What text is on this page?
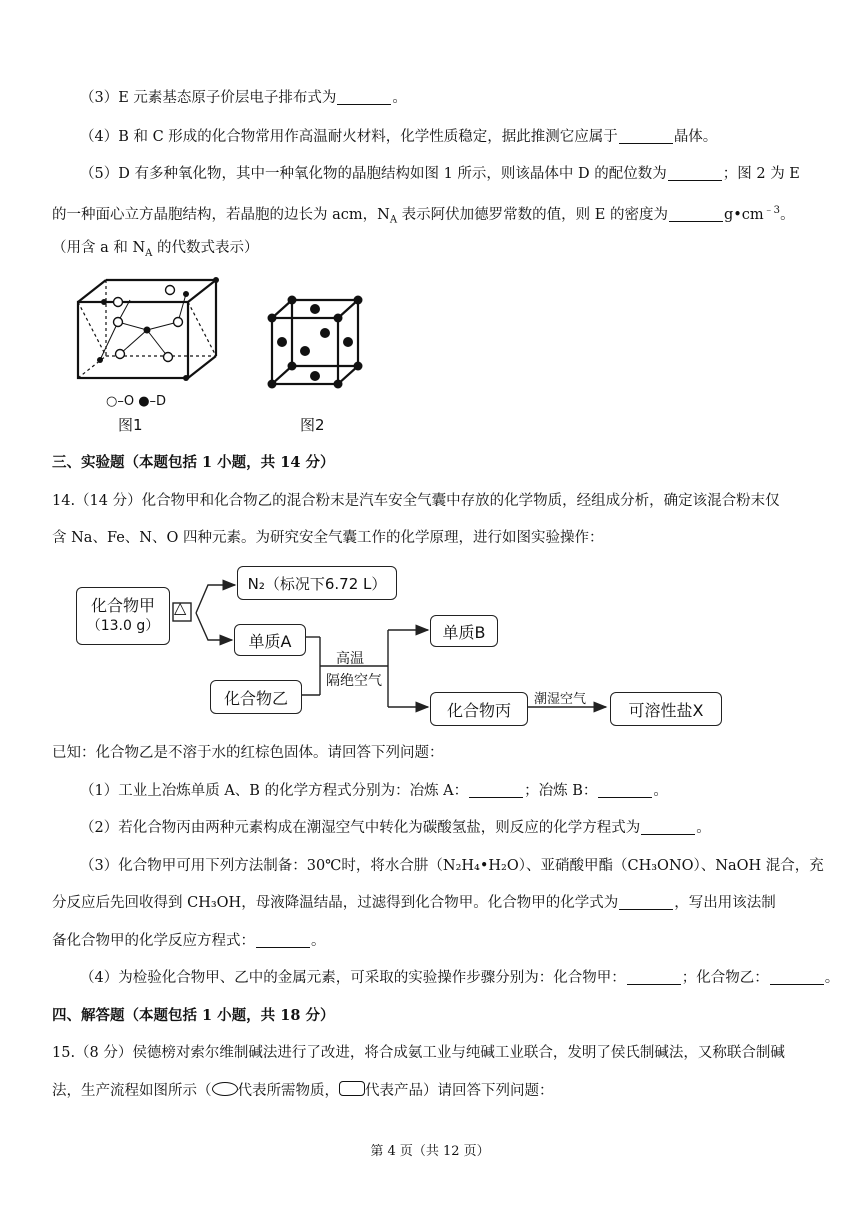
（3）E 元素基态原子价层电子排布式为	。
（4）B 和 C 形成的化合物常用作高温耐火材料，化学性质稳定，据此推测它应属于	晶体。
（5）D 有多种氧化物，其中一种氧化物的晶胞结构如图 1 所示，则该晶体中 D 的配位数为	；图 2 为 E
的一种面心立方晶胞结构，若晶胞的边长为 acm，$N_A$ 表示阿伏加德罗常数的值，则 E 的密度为	$g•cm^{﹣3}$。
（用含 a 和 $N_A$ 的代数式表示）
○–O ●–D
图1	图2
三、实验题（本题包括 1 小题，共 14 分）
14.（14 分）化合物甲和化合物乙的混合粉末是汽车安全气囊中存放的化学物质，经组成分析，确定该混合粉末仅
含 Na、Fe、N、O 四种元素。为研究安全气囊工作的化学原理，进行如图实验操作：
化合物甲
（13.0 g）
△
N₂（标况下6.72 L）
单质A
化合物乙
高温
隔绝空气
单质B
化合物丙
潮湿空气
可溶性盐X
已知：化合物乙是不溶于水的红棕色固体。请回答下列问题：
（1）工业上冶炼单质 A、B 的化学方程式分别为：冶炼 A：	；冶炼 B：	。
（2）若化合物丙由两种元素构成在潮湿空气中转化为碳酸氢盐，则反应的化学方程式为	。
（3）化合物甲可用下列方法制备：30℃时，将水合肼（N₂H₄•H₂O）、亚硝酸甲酯（CH₃ONO）、NaOH 混合，充
分反应后先回收得到 CH₃OH，母液降温结晶，过滤得到化合物甲。化合物甲的化学式为	，写出用该法制
备化合物甲的化学反应方程式：	。
（4）为检验化合物甲、乙中的金属元素，可采取的实验操作步骤分别为：化合物甲：	；化合物乙：	。
四、解答题（本题包括 1 小题，共 18 分）
15.（8 分）侯德榜对索尔维制碱法进行了改进，将合成氨工业与纯碱工业联合，发明了侯氏制碱法，又称联合制碱
法，生产流程如图所示（ 代表所需物质， 代表产品）请回答下列问题：
第 4 页（共 12 页）
